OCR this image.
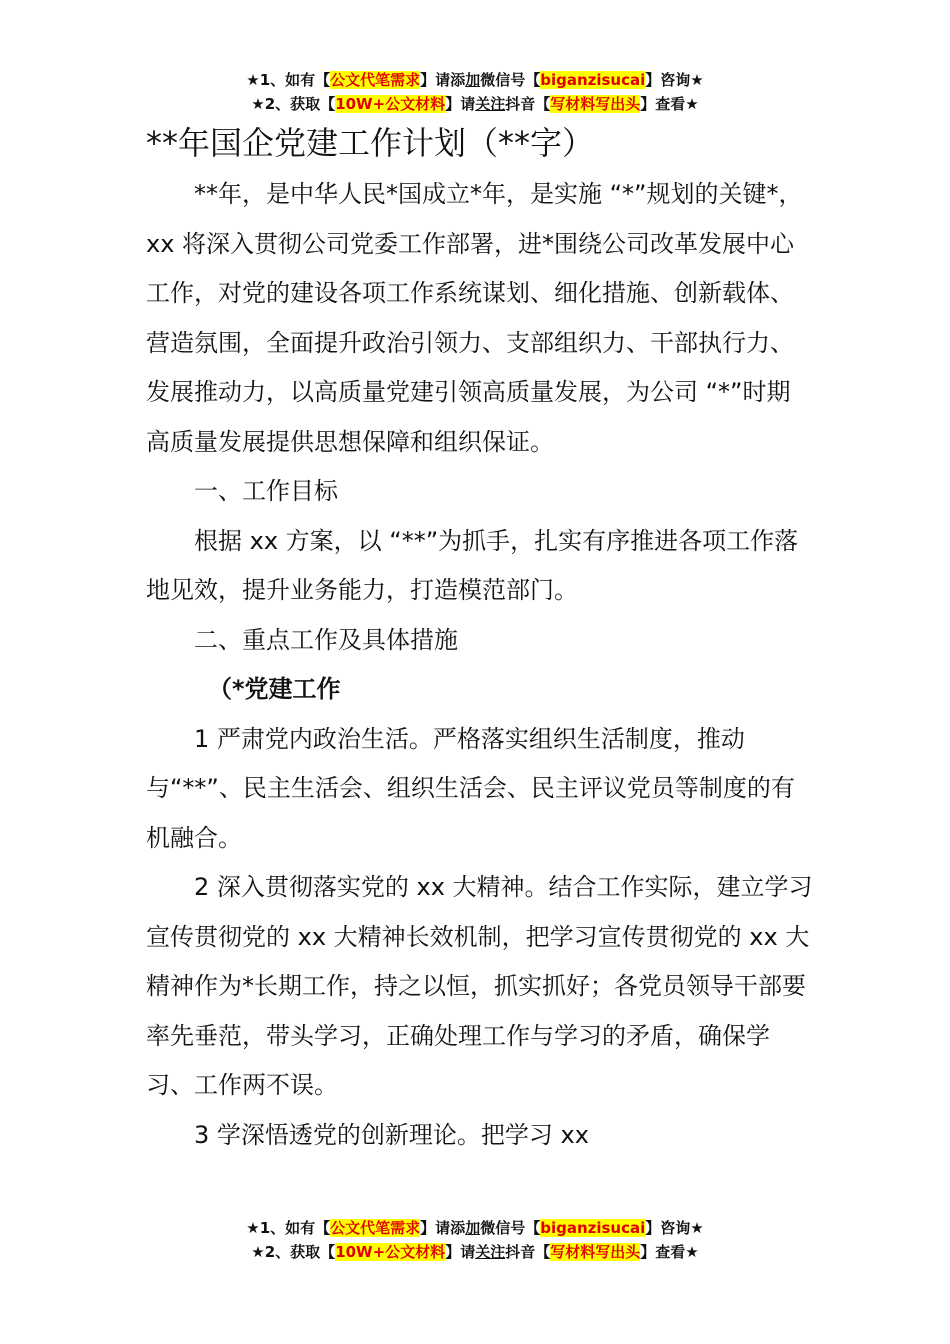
★1、如有【公文代笔需求】请添加微信号【biganzisucai】咨询★
★2、获取【10W+公文材料】请关注抖音【写材料写出头】查看★
**年国企党建工作计划（**字）

**年，是中华人民*国成立*年，是实施 “*”规划的关键*，xx 将深入贯彻公司党委工作部署，进*围绕公司改革发展中心工作，对党的建设各项工作系统谋划、细化措施、创新载体、营造氛围，全面提升政治引领力、支部组织力、干部执行力、发展推动力，以高质量党建引领高质量发展，为公司 “*”时期高质量发展提供思想保障和组织保证。

一、工作目标

根据 xx 方案，以 “**”为抓手，扎实有序推进各项工作落地见效，提升业务能力，打造模范部门。

二、重点工作及具体措施

（*党建工作

1 严肃党内政治生活。严格落实组织生活制度，推动与“**”、民主生活会、组织生活会、民主评议党员等制度的有机融合。

2 深入贯彻落实党的 xx 大精神。结合工作实际，建立学习宣传贯彻党的 xx 大精神长效机制，把学习宣传贯彻党的 xx 大精神作为*长期工作，持之以恒，抓实抓好；各党员领导干部要率先垂范，带头学习，正确处理工作与学习的矛盾，确保学习、工作两不误。

3 学深悟透党的创新理论。把学习 xx

★1、如有【公文代笔需求】请添加微信号【biganzisucai】咨询★
★2、获取【10W+公文材料】请关注抖音【写材料写出头】查看★
